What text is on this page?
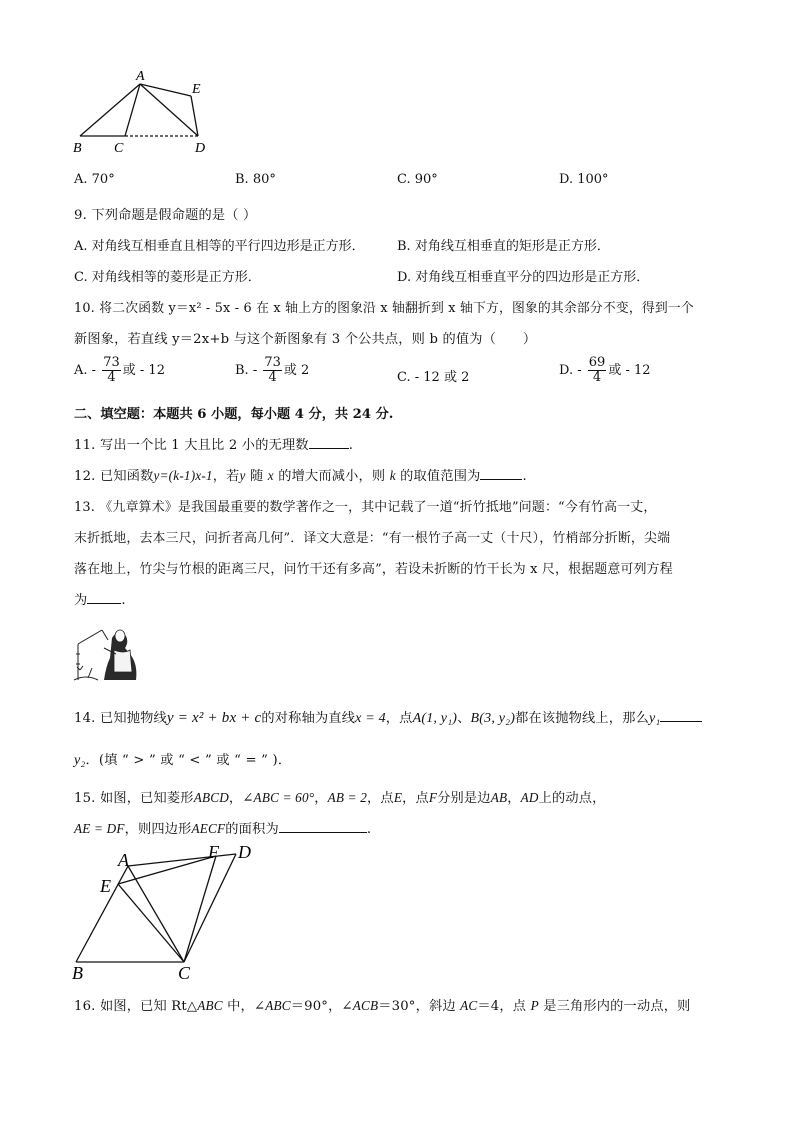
A
E
B C	D
A. 70°	B. 80°	C. 90°	D. 100°
9. 下列命题是假命题的是（ ）
A. 对角线互相垂直且相等的平行四边形是正方形． B. 对角线互相垂直的矩形是正方形．
C. 对角线相等的菱形是正方形．	D. 对角线互相垂直平分的四边形是正方形．
10. 将二次函数 y＝x² ‑ 5x ‑ 6 在 x 轴上方的图象沿 x 轴翻折到 x 轴下方，图象的其余部分不变，得到一个
新图象，若直线 y＝2x+b 与这个新图象有 3 个公共点，则 b 的值为（　　）
A. ‑ $\frac{73}{4}$ 或 ‑ 12	B. ‑ $\frac{73}{4}$ 或 2	C. ‑ 12 或 2	D. ‑ $\frac{69}{4}$ 或 ‑ 12
二、填空题：本题共 6 小题，每小题 4 分，共 24 分.
11. 写出一个比 1 大且比 2 小的无理数	.
12. 已知函数y=(k‑1)x‑1，若y 随 x 的增大而减小，则 k 的取值范围为	.
13. 《九章算术》是我国最重要的数学著作之一，其中记载了一道“折竹抵地”问题：“今有竹高一丈，
末折抵地，去本三尺，问折者高几何”．译文大意是：“有一根竹子高一丈（十尺），竹梢部分折断，尖端
落在地上，竹尖与竹根的距离三尺，问竹干还有多高”，若设未折断的竹干长为 x 尺，根据题意可列方程
为	.
14. 已知抛物线y = x² + bx + c的对称轴为直线x = 4，点A(1, y₁)、B(3, y₂)都在该抛物线上，那么y₁
y₂．(填 “ > ” 或 “ < ” 或 “ = ” )．
15. 如图，已知菱形ABCD，∠ABC = 60°，AB = 2，点E，点F分别是边AB，AD上的动点，
AE = DF，则四边形AECF的面积为	.
A	F D
E
B	C
16. 如图，已知 Rt△ABC 中，∠ABC＝90°，∠ACB＝30°，斜边 AC＝4，点 P 是三角形内的一动点，则
